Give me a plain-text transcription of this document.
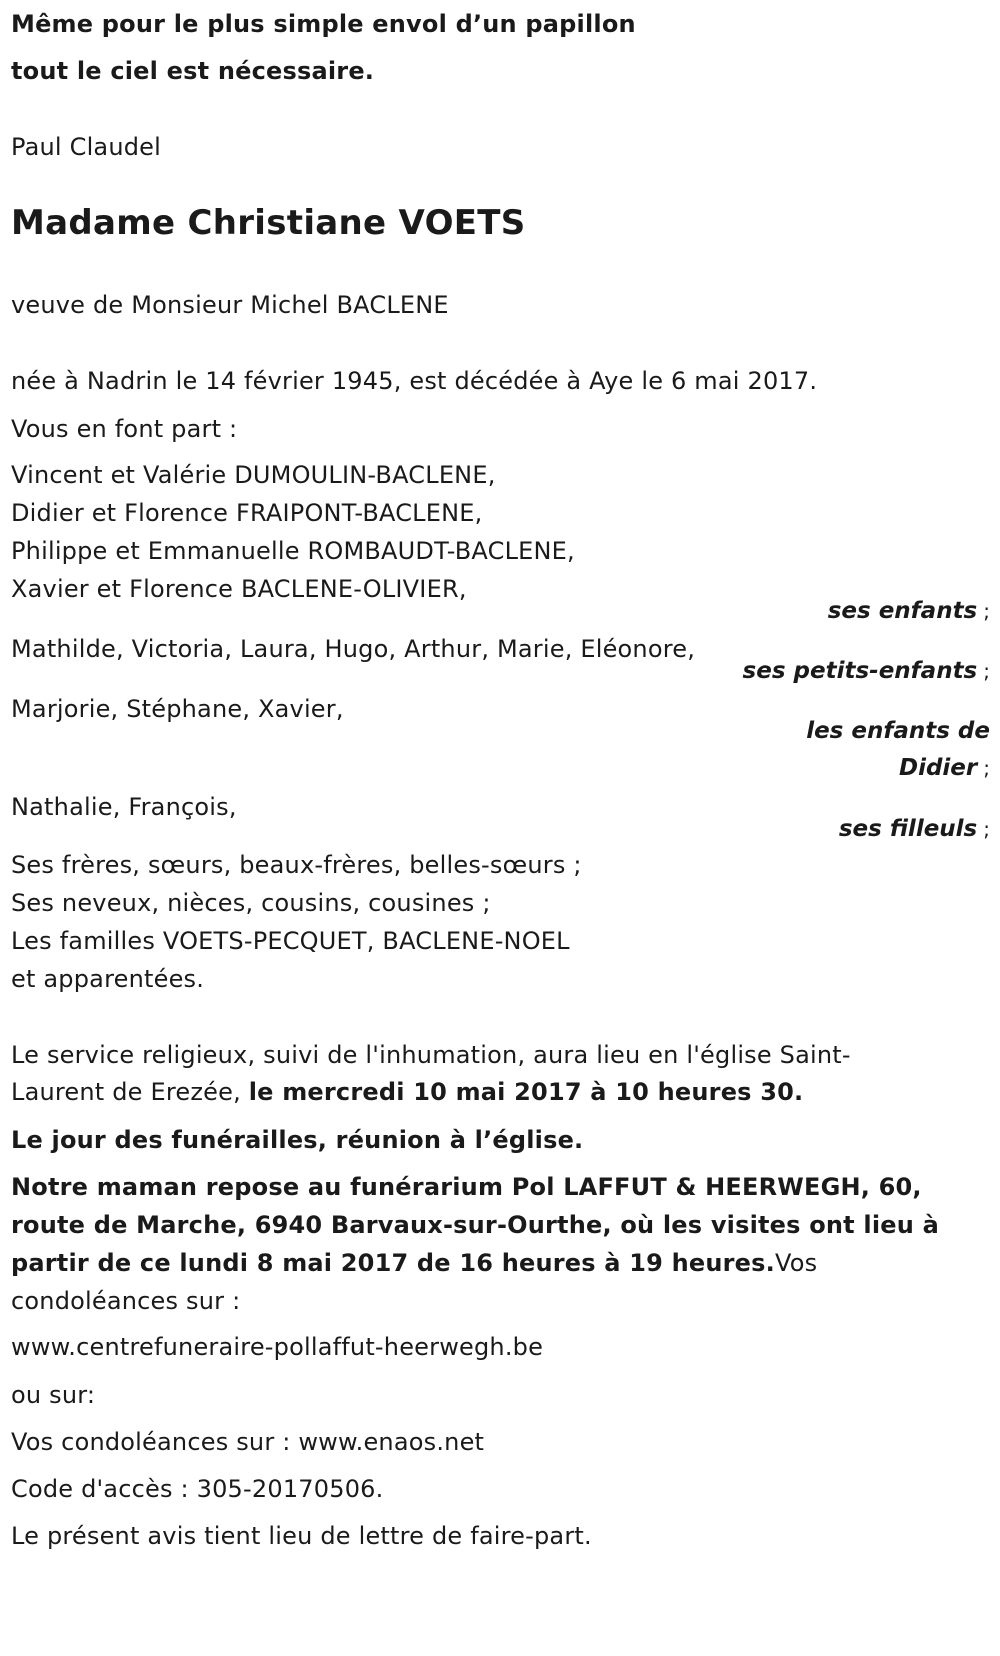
Même pour le plus simple envol d’un papillon
tout le ciel est nécessaire.
Paul Claudel
Madame Christiane VOETS
veuve de Monsieur Michel BACLENE
née à Nadrin le 14 février 1945, est décédée à Aye le 6 mai 2017.
Vous en font part :
Vincent et Valérie DUMOULIN-BACLENE,
Didier et Florence FRAIPONT-BACLENE,
Philippe et Emmanuelle ROMBAUDT-BACLENE,
Xavier et Florence BACLENE-OLIVIER,
ses enfants ;
Mathilde, Victoria, Laura, Hugo, Arthur, Marie, Eléonore,
ses petits-enfants ;
Marjorie, Stéphane, Xavier,
les enfants de
Didier ;
Nathalie, François,
ses filleuls ;
Ses frères, sœurs, beaux-frères, belles-sœurs ;
Ses neveux, nièces, cousins, cousines ;
Les familles VOETS-PECQUET, BACLENE-NOEL
et apparentées.
Le service religieux, suivi de l'inhumation, aura lieu en l'église Saint-
Laurent de Erezée, le mercredi 10 mai 2017 à 10 heures 30.
Le jour des funérailles, réunion à l’église.
Notre maman repose au funérarium Pol LAFFUT & HEERWEGH, 60,
route de Marche, 6940 Barvaux-sur-Ourthe, où les visites ont lieu à
partir de ce lundi 8 mai 2017 de 16 heures à 19 heures.Vos
condoléances sur :
www.centrefuneraire-pollaffut-heerwegh.be
ou sur:
Vos condoléances sur : www.enaos.net
Code d'accès : 305-20170506.
Le présent avis tient lieu de lettre de faire-part.
